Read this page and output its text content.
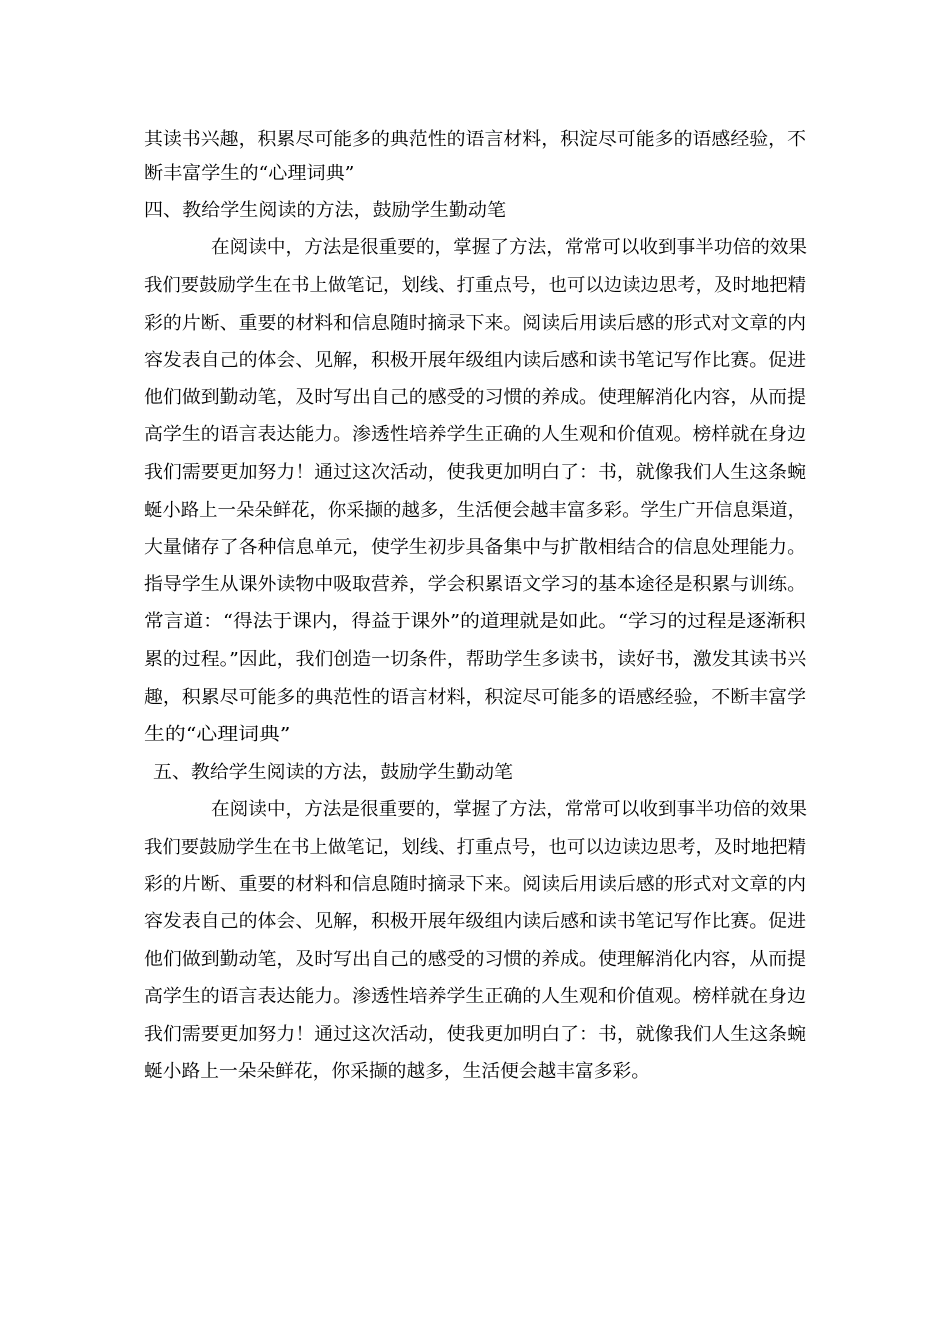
其读书兴趣，积累尽可能多的典范性的语言材料，积淀尽可能多的语感经验，不
断丰富学生的“心理词典”
四、教给学生阅读的方法，鼓励学生勤动笔
在阅读中，方法是很重要的，掌握了方法，常常可以收到事半功倍的效果
我们要鼓励学生在书上做笔记，划线、打重点号，也可以边读边思考，及时地把精
彩的片断、重要的材料和信息随时摘录下来。阅读后用读后感的形式对文章的内
容发表自己的体会、见解，积极开展年级组内读后感和读书笔记写作比赛。促进
他们做到勤动笔，及时写出自己的感受的习惯的养成。使理解消化内容，从而提
高学生的语言表达能力。渗透性培养学生正确的人生观和价值观。榜样就在身边
我们需要更加努力！通过这次活动，使我更加明白了：书，就像我们人生这条蜿
蜒小路上一朵朵鲜花，你采撷的越多，生活便会越丰富多彩。学生广开信息渠道，
大量储存了各种信息单元，使学生初步具备集中与扩散相结合的信息处理能力。
指导学生从课外读物中吸取营养，学会积累语文学习的基本途径是积累与训练。
常言道：“得法于课内，得益于课外”的道理就是如此。“学习的过程是逐渐积
累的过程。”因此，我们创造一切条件，帮助学生多读书，读好书，激发其读书兴
趣，积累尽可能多的典范性的语言材料，积淀尽可能多的语感经验，不断丰富学
生的“心理词典”
五、教给学生阅读的方法，鼓励学生勤动笔
在阅读中，方法是很重要的，掌握了方法，常常可以收到事半功倍的效果
我们要鼓励学生在书上做笔记，划线、打重点号，也可以边读边思考，及时地把精
彩的片断、重要的材料和信息随时摘录下来。阅读后用读后感的形式对文章的内
容发表自己的体会、见解，积极开展年级组内读后感和读书笔记写作比赛。促进
他们做到勤动笔，及时写出自己的感受的习惯的养成。使理解消化内容，从而提
高学生的语言表达能力。渗透性培养学生正确的人生观和价值观。榜样就在身边
我们需要更加努力！通过这次活动，使我更加明白了：书，就像我们人生这条蜿
蜒小路上一朵朵鲜花，你采撷的越多，生活便会越丰富多彩。
